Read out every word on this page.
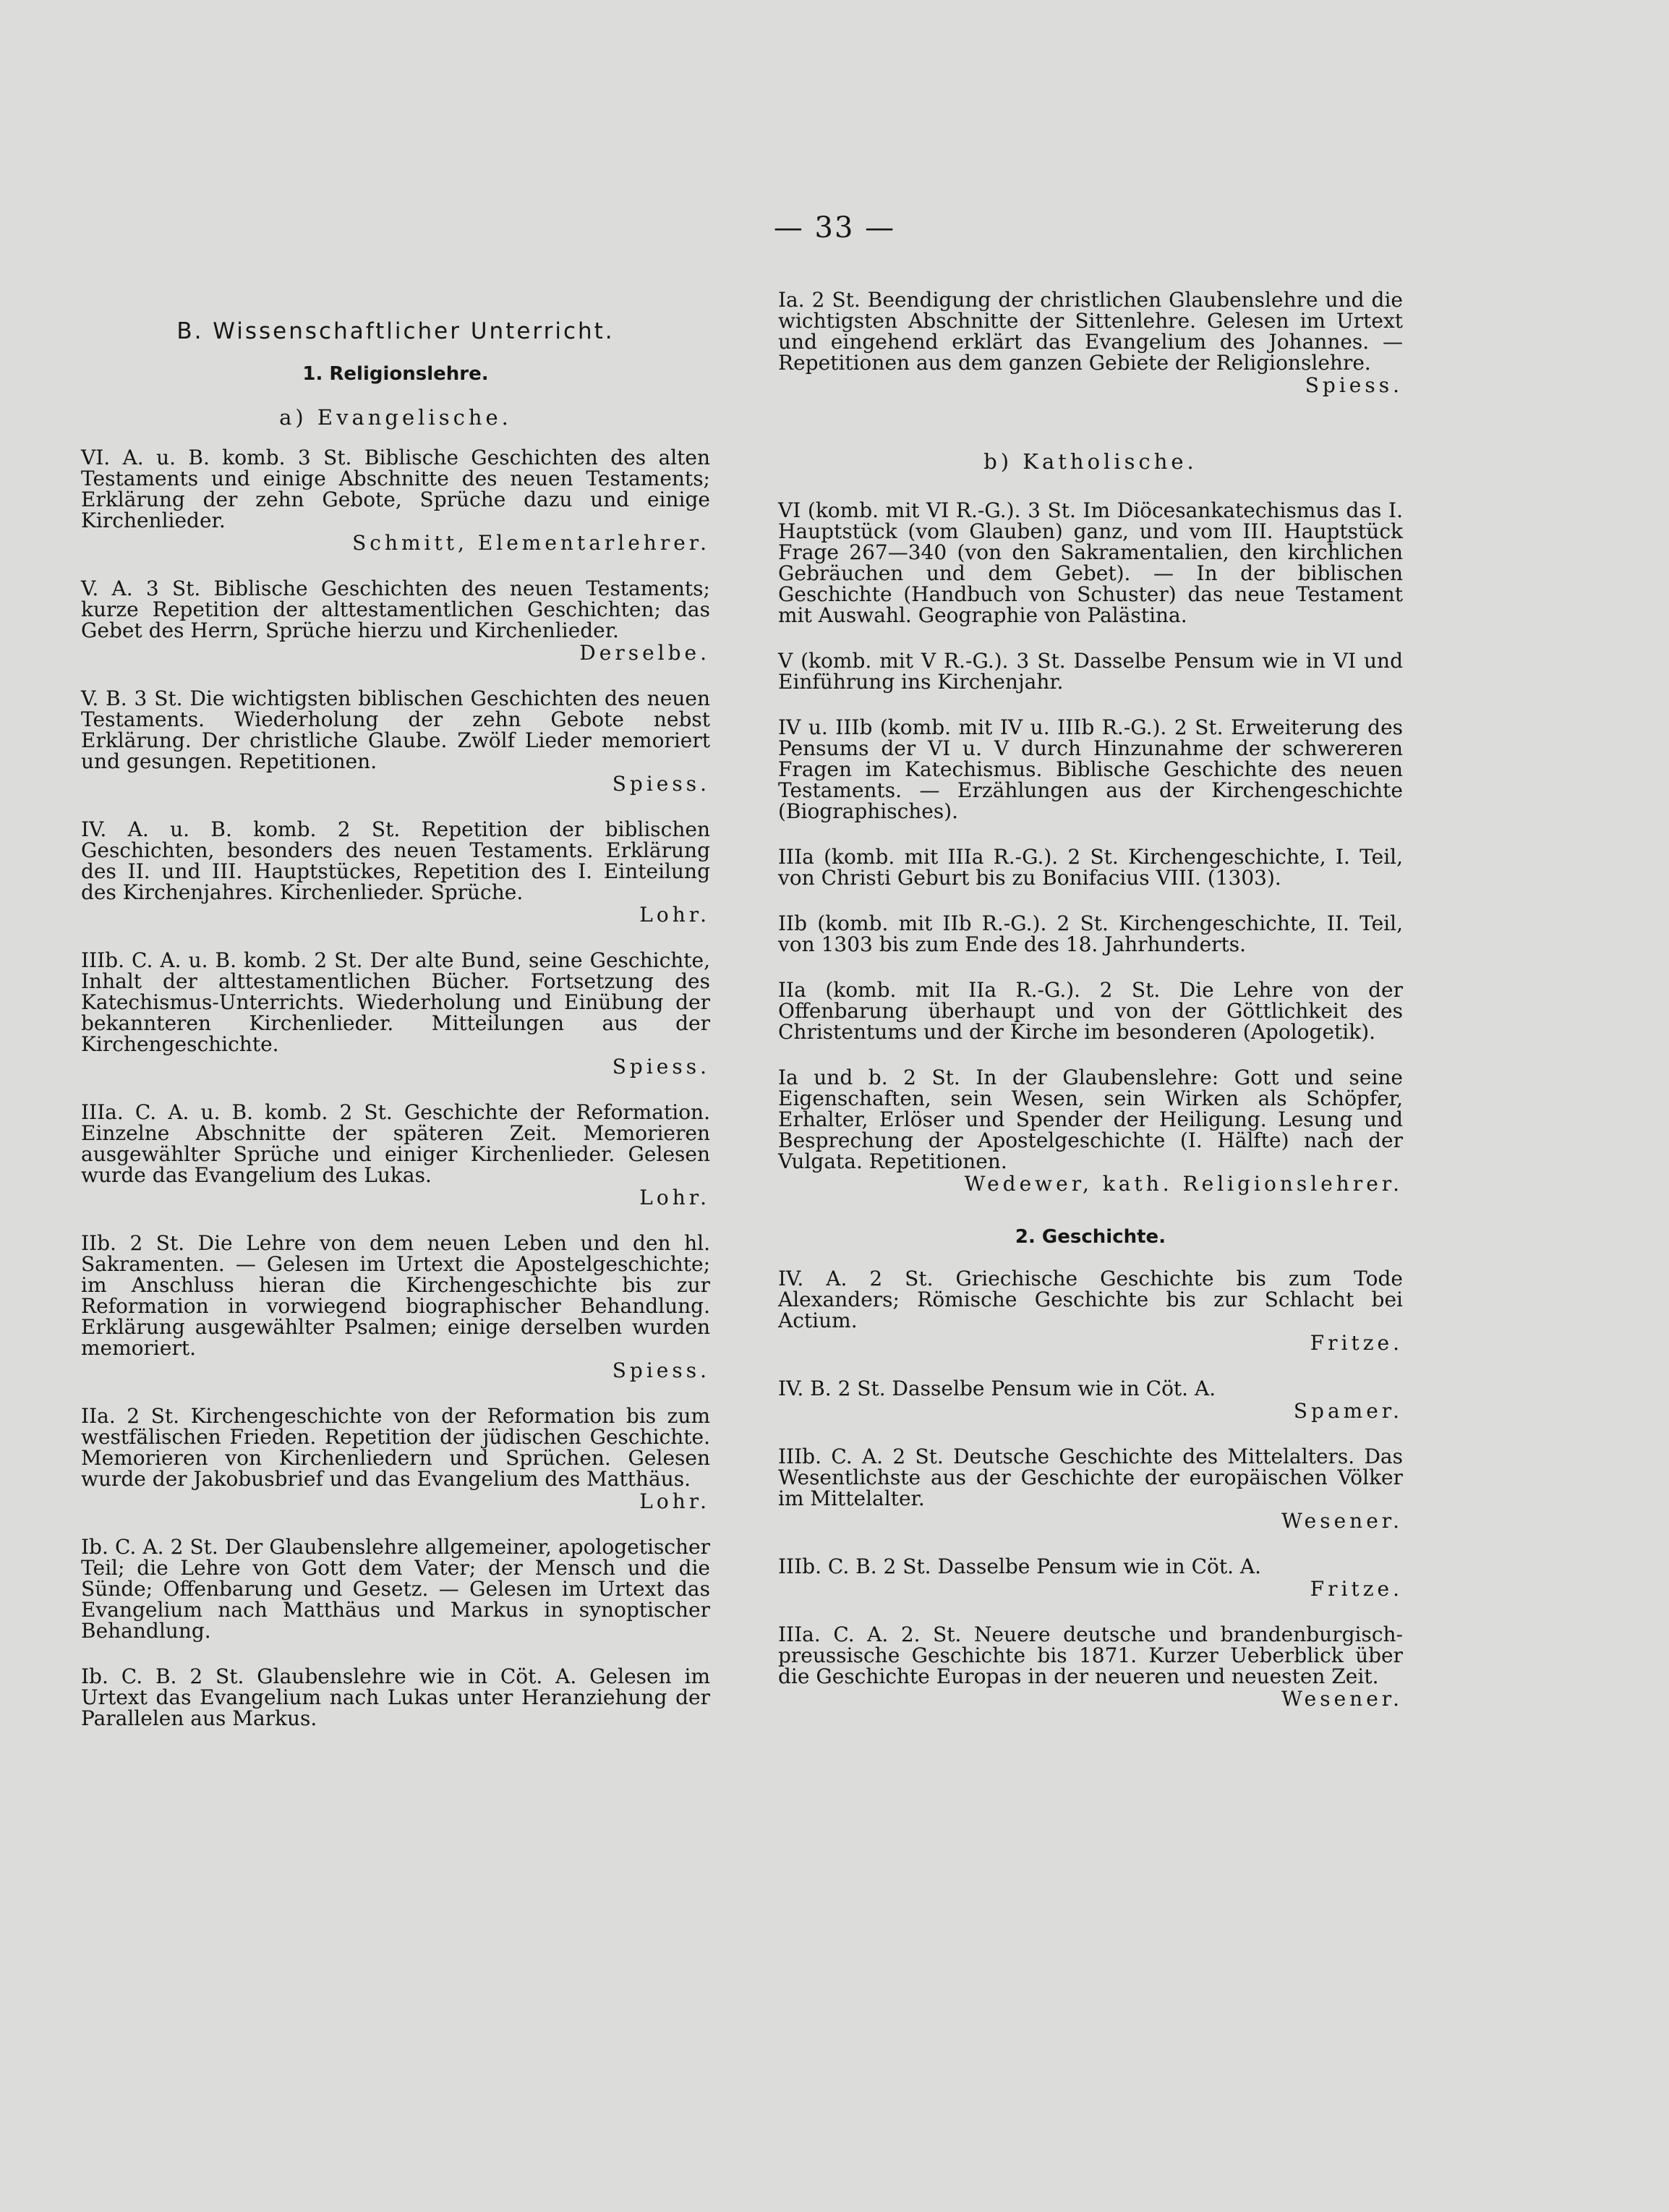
— 33 —
B. Wissenschaftlicher Unterricht.
1. Religionslehre.
a) Evangelische.
VI. A. u. B. komb. 3 St. Biblische Geschichten des alten Testaments und einige Abschnitte des neuen Testaments; Erklärung der zehn Gebote, Sprüche dazu und einige Kirchenlieder.
Schmitt, Elementarlehrer.
V. A. 3 St. Biblische Geschichten des neuen Testaments; kurze Repetition der alttestamentlichen Geschichten; das Gebet des Herrn, Sprüche hierzu und Kirchenlieder.
Derselbe.
V. B. 3 St. Die wichtigsten biblischen Geschichten des neuen Testaments. Wiederholung der zehn Gebote nebst Erklärung. Der christliche Glaube. Zwölf Lieder memoriert und gesungen. Repetitionen.
Spiess.
IV. A. u. B. komb. 2 St. Repetition der biblischen Geschichten, besonders des neuen Testaments. Erklärung des II. und III. Hauptstückes, Repetition des I. Einteilung des Kirchenjahres. Kirchenlieder. Sprüche.
Lohr.
IIIb. C. A. u. B. komb. 2 St. Der alte Bund, seine Geschichte, Inhalt der alttestamentlichen Bücher. Fortsetzung des Katechismus-Unterrichts. Wiederholung und Einübung der bekannteren Kirchenlieder. Mitteilungen aus der Kirchengeschichte.
Spiess.
IIIa. C. A. u. B. komb. 2 St. Geschichte der Reformation. Einzelne Abschnitte der späteren Zeit. Memorieren ausgewählter Sprüche und einiger Kirchenlieder. Gelesen wurde das Evangelium des Lukas.
Lohr.
IIb. 2 St. Die Lehre von dem neuen Leben und den hl. Sakramenten. — Gelesen im Urtext die Apostelgeschichte; im Anschluss hieran die Kirchengeschichte bis zur Reformation in vorwiegend biographischer Behandlung. Erklärung ausgewählter Psalmen; einige derselben wurden memoriert.
Spiess.
IIa. 2 St. Kirchengeschichte von der Reformation bis zum westfälischen Frieden. Repetition der jüdischen Geschichte. Memorieren von Kirchenliedern und Sprüchen. Gelesen wurde der Jakobusbrief und das Evangelium des Matthäus.
Lohr.
Ib. C. A. 2 St. Der Glaubenslehre allgemeiner, apologetischer Teil; die Lehre von Gott dem Vater; der Mensch und die Sünde; Offenbarung und Gesetz. — Gelesen im Urtext das Evangelium nach Matthäus und Markus in synoptischer Behandlung.
Ib. C. B. 2 St. Glaubenslehre wie in Cöt. A. Gelesen im Urtext das Evangelium nach Lukas unter Heranziehung der Parallelen aus Markus.
Ia. 2 St. Beendigung der christlichen Glaubenslehre und die wichtigsten Abschnitte der Sittenlehre. Gelesen im Urtext und eingehend erklärt das Evangelium des Johannes. — Repetitionen aus dem ganzen Gebiete der Religionslehre.
Spiess.
b) Katholische.
VI (komb. mit VI R.-G.). 3 St. Im Diöcesankatechismus das I. Hauptstück (vom Glauben) ganz, und vom III. Hauptstück Frage 267—340 (von den Sakramentalien, den kirchlichen Gebräuchen und dem Gebet). — In der biblischen Geschichte (Handbuch von Schuster) das neue Testament mit Auswahl. Geographie von Palästina.
V (komb. mit V R.-G.). 3 St. Dasselbe Pensum wie in VI und Einführung ins Kirchenjahr.
IV u. IIIb (komb. mit IV u. IIIb R.-G.). 2 St. Erweiterung des Pensums der VI u. V durch Hinzunahme der schwereren Fragen im Katechismus. Biblische Geschichte des neuen Testaments. — Erzählungen aus der Kirchengeschichte (Biographisches).
IIIa (komb. mit IIIa R.-G.). 2 St. Kirchengeschichte, I. Teil, von Christi Geburt bis zu Bonifacius VIII. (1303).
IIb (komb. mit IIb R.-G.). 2 St. Kirchengeschichte, II. Teil, von 1303 bis zum Ende des 18. Jahrhunderts.
IIa (komb. mit IIa R.-G.). 2 St. Die Lehre von der Offenbarung überhaupt und von der Göttlichkeit des Christentums und der Kirche im besonderen (Apologetik).
Ia und b. 2 St. In der Glaubenslehre: Gott und seine Eigenschaften, sein Wesen, sein Wirken als Schöpfer, Erhalter, Erlöser und Spender der Heiligung. Lesung und Besprechung der Apostelgeschichte (I. Hälfte) nach der Vulgata. Repetitionen.
Wedewer, kath. Religionslehrer.
2. Geschichte.
IV. A. 2 St. Griechische Geschichte bis zum Tode Alexanders; Römische Geschichte bis zur Schlacht bei Actium.
Fritze.
IV. B. 2 St. Dasselbe Pensum wie in Cöt. A.
Spamer.
IIIb. C. A. 2 St. Deutsche Geschichte des Mittelalters. Das Wesentlichste aus der Geschichte der europäischen Völker im Mittelalter.
Wesener.
IIIb. C. B. 2 St. Dasselbe Pensum wie in Cöt. A.
Fritze.
IIIa. C. A. 2. St. Neuere deutsche und brandenburgisch-preussische Geschichte bis 1871. Kurzer Ueberblick über die Geschichte Europas in der neueren und neuesten Zeit.
Wesener.
